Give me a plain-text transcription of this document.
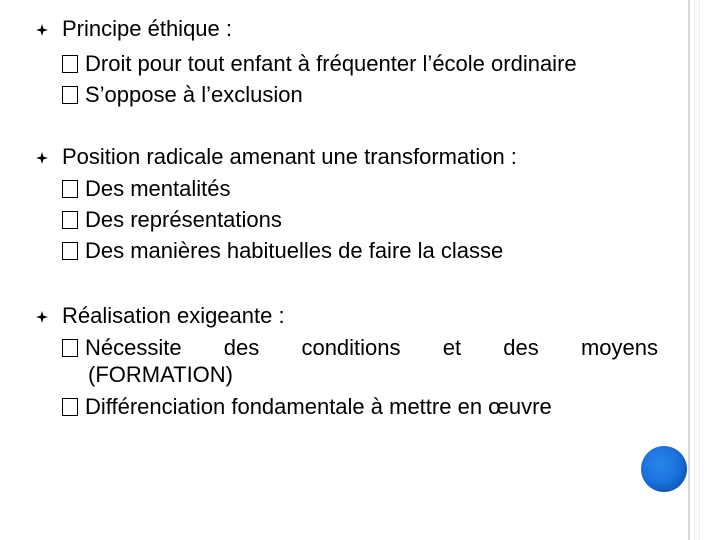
Principe éthique :
Droit pour tout enfant à fréquenter l’école ordinaire
S’oppose à l’exclusion
Position radicale amenant une transformation :
Des mentalités
Des représentations
Des manières habituelles de faire la classe
Réalisation exigeante :
Nécessite des conditions et des moyens
(FORMATION)
Différenciation fondamentale à mettre en œuvre
